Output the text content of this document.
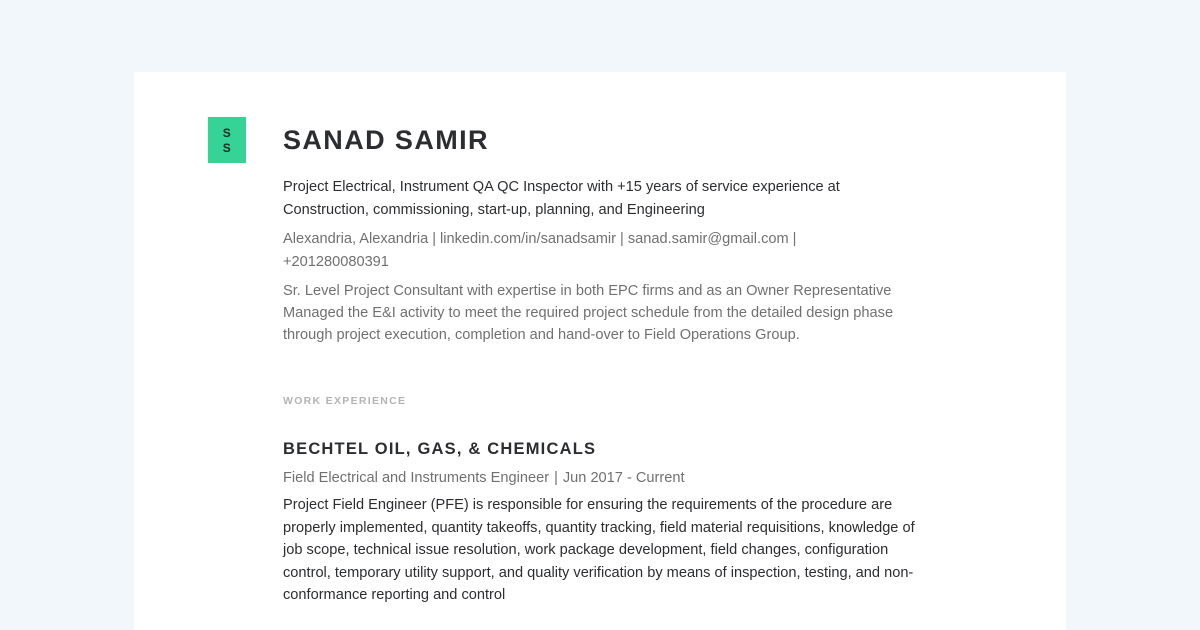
S
S SANAD SAMIR
Project Electrical, Instrument QA QC Inspector with +15 years of service experience at Construction, commissioning, start-up, planning, and Engineering
Alexandria, Alexandria | linkedin.com/in/sanadsamir | sanad.samir@gmail.com |
+201280080391
Sr. Level Project Consultant with expertise in both EPC firms and as an Owner Representative Managed the E&I activity to meet the required project schedule from the detailed design phase through project execution, completion and hand-over to Field Operations Group.
WORK EXPERIENCE
BECHTEL OIL, GAS, & CHEMICALS
Field Electrical and Instruments Engineer | Jun 2017 - Current
Project Field Engineer (PFE) is responsible for ensuring the requirements of the procedure are properly implemented, quantity takeoffs, quantity tracking, field material requisitions, knowledge of job scope, technical issue resolution, work package development, field changes, configuration control, temporary utility support, and quality verification by means of inspection, testing, and non-conformance reporting and control
